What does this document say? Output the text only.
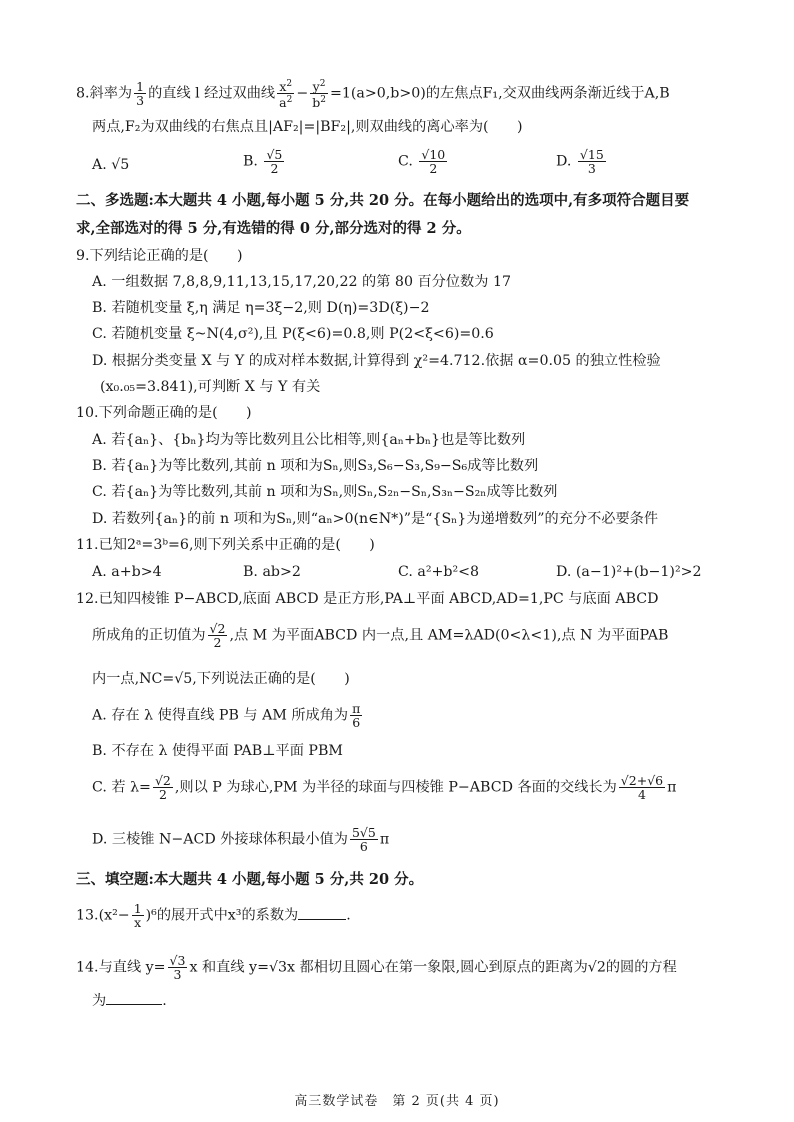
8.斜率为 $\frac{1}{3}$ 的直线 l 经过双曲线 $\frac{x^2}{a^2} - \frac{y^2}{b^2} =1(a>0,b>0)$的左焦点F₁,交双曲线两条渐近线于A,B
两点,F₂为双曲线的右焦点且|AF₂|=|BF₂|,则双曲线的离心率为(　　)
A. √5	B. $\frac{√5}{2}$	C. $\frac{√10}{2}$	D. $\frac{√15}{3}$
二、多选题:本大题共 4 小题,每小题 5 分,共 20 分。在每小题给出的选项中,有多项符合题目要
求,全部选对的得 5 分,有选错的得 0 分,部分选对的得 2 分。
9.下列结论正确的是(　　)
A. 一组数据 7,8,8,9,11,13,15,17,20,22 的第 80 百分位数为 17
B. 若随机变量 ξ,η 满足 η=3ξ−2,则 D(η)=3D(ξ)−2
C. 若随机变量 ξ~N(4,σ²),且 P(ξ<6)=0.8,则 P(2<ξ<6)=0.6
D. 根据分类变量 X 与 Y 的成对样本数据,计算得到 χ²=4.712.依据 α=0.05 的独立性检验
(x₀.₀₅=3.841),可判断 X 与 Y 有关
10.下列命题正确的是(　　)
A. 若{aₙ}、{bₙ}均为等比数列且公比相等,则{aₙ+bₙ}也是等比数列
B. 若{aₙ}为等比数列,其前 n 项和为Sₙ,则S₃,S₆−S₃,S₉−S₆成等比数列
C. 若{aₙ}为等比数列,其前 n 项和为Sₙ,则Sₙ,S₂ₙ−Sₙ,S₃ₙ−S₂ₙ成等比数列
D. 若数列{aₙ}的前 n 项和为Sₙ,则“aₙ>0(n∈N*)”是“{Sₙ}为递增数列”的充分不必要条件
11.已知2ᵃ=3ᵇ=6,则下列关系中正确的是(　　)
A. a+b>4	B. ab>2	C. a²+b²<8	D. (a−1)²+(b−1)²>2
12.已知四棱锥 P−ABCD,底面 ABCD 是正方形,PA⊥平面 ABCD,AD=1,PC 与底面 ABCD
所成角的正切值为 $\frac{√2}{2}$ ,点 M 为平面ABCD 内一点,且 AM=λAD(0<λ<1),点 N 为平面PAB
内一点,NC=√5,下列说法正确的是(　　)
A. 存在 λ 使得直线 PB 与 AM 所成角为 $\frac{\pi}{6}$
B. 不存在 λ 使得平面 PAB⊥平面 PBM
C. 若 $\lambda= \frac{√2}{2}$ ,则以 P 为球心,PM 为半径的球面与四棱锥 P−ABCD 各面的交线长为 $\frac{√2+√6}{4}$ π
D. 三棱锥 N−ACD 外接球体积最小值为 $\frac{5√5}{6}$ π
三、填空题:本大题共 4 小题,每小题 5 分,共 20 分。
$13.(x^2- \frac{1}{x} )^6$的展开式中x³的系数为	.
14.与直线 $y= \frac{√3}{3}$ x 和直线 y=√3x 都相切且圆心在第一象限,圆心到原点的距离为√2的圆的方程
为	.
高三数学试卷　第 2 页(共 4 页)
